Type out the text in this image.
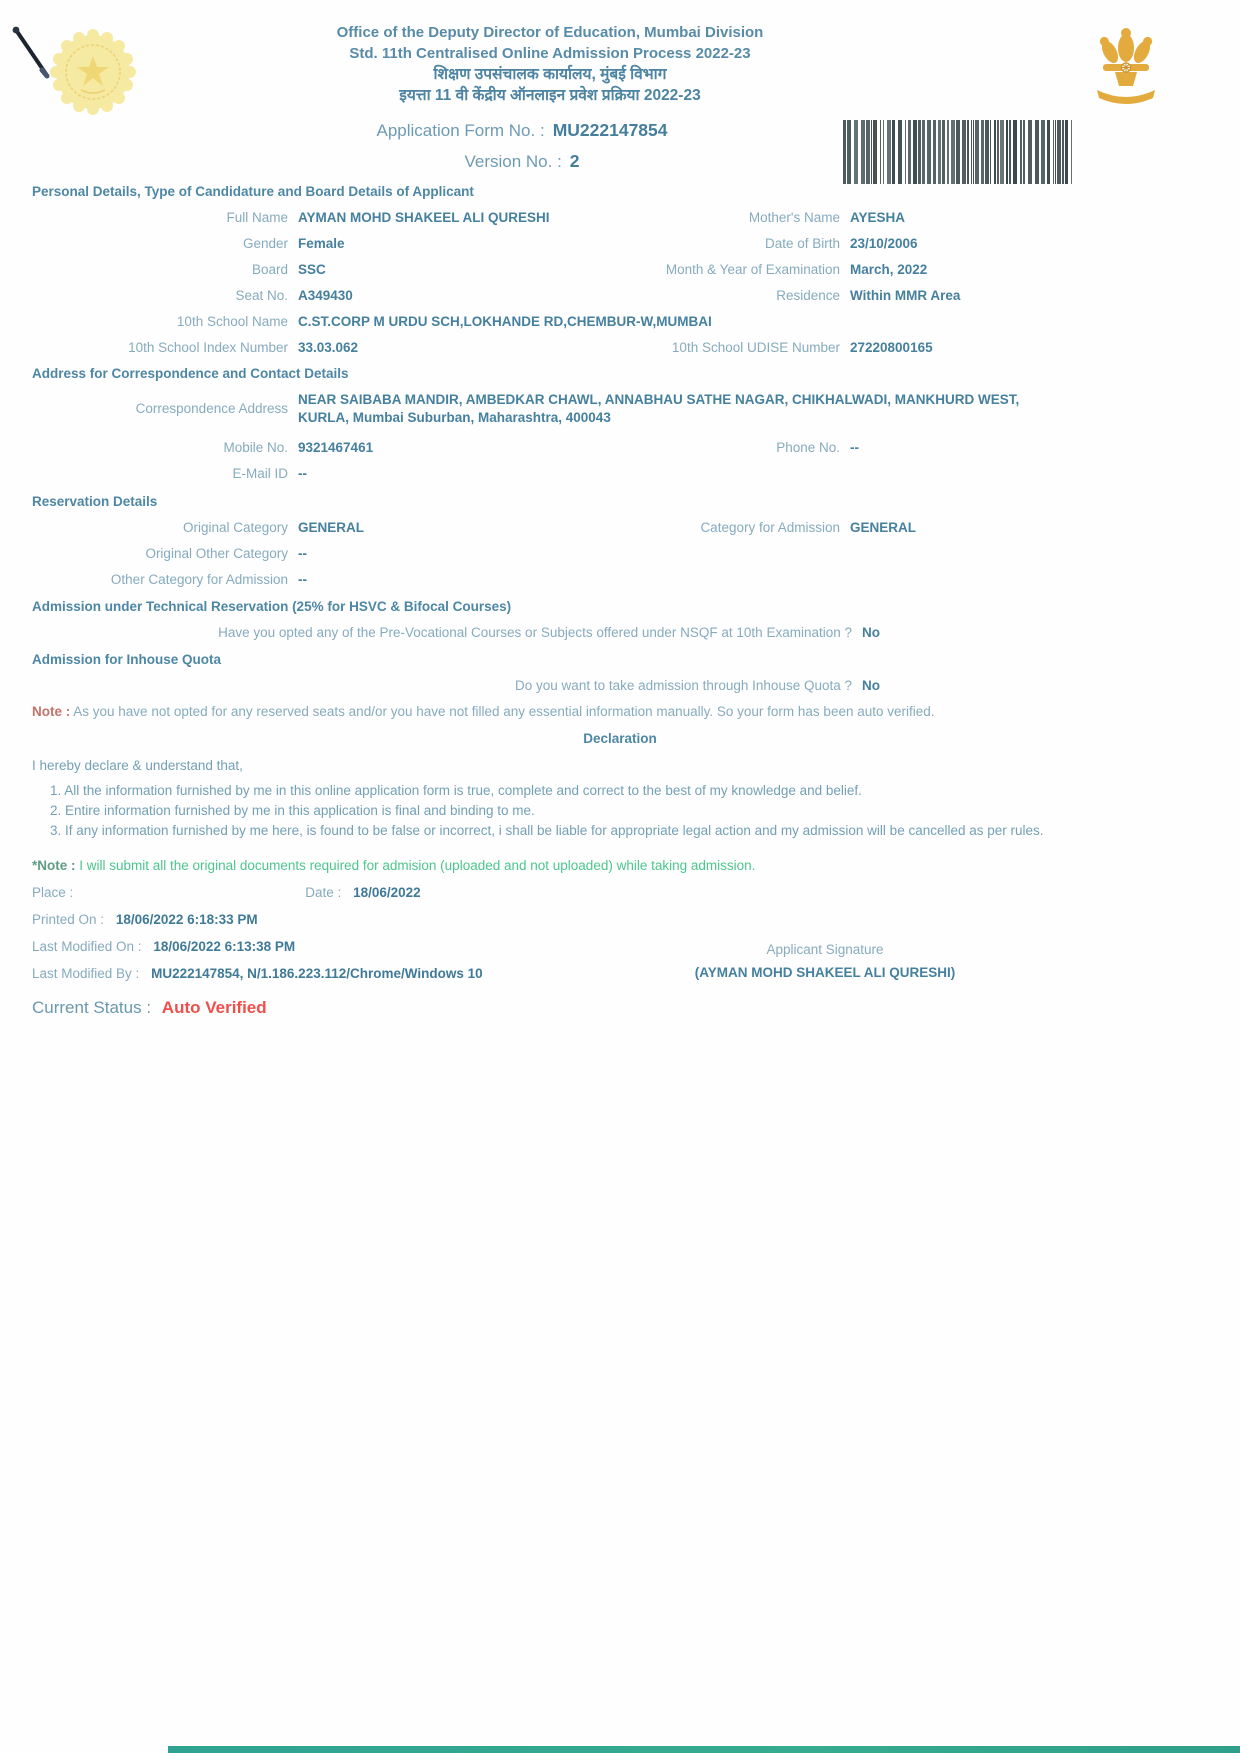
Office of the Deputy Director of Education, Mumbai Division
Std. 11th Centralised Online Admission Process 2022-23
शिक्षण उपसंचालक कार्यालय, मुंबई विभाग
इयत्ता 11 वी केंद्रीय ऑनलाइन प्रवेश प्रक्रिया 2022-23
Application Form No. : MU222147854
Version No. : 2
Personal Details, Type of Candidature and Board Details of Applicant
Full Name AYMAN MOHD SHAKEEL ALI QURESHI	Mother's Name AYESHA
Gender Female	Date of Birth 23/10/2006
Board SSC	Month & Year of Examination March, 2022
Seat No. A349430	Residence Within MMR Area
10th School Name C.ST.CORP M URDU SCH,LOKHANDE RD,CHEMBUR-W,MUMBAI
10th School Index Number 33.03.062	10th School UDISE Number 27220800165
Address for Correspondence and Contact Details
Correspondence Address
NEAR SAIBABA MANDIR, AMBEDKAR CHAWL, ANNABHAU SATHE NAGAR, CHIKHALWADI, MANKHURD WEST, KURLA, Mumbai Suburban, Maharashtra, 400043
Mobile No. 9321467461	Phone No. --
E-Mail ID --
Reservation Details
Original Category GENERAL	Category for Admission GENERAL
Original Other Category --
Other Category for Admission --
Admission under Technical Reservation (25% for HSVC & Bifocal Courses)
Have you opted any of the Pre-Vocational Courses or Subjects offered under NSQF at 10th Examination ? No
Admission for Inhouse Quota
Do you want to take admission through Inhouse Quota ? No
Note : As you have not opted for any reserved seats and/or you have not filled any essential information manually. So your form has been auto verified.
Declaration
I hereby declare & understand that,
1. All the information furnished by me in this online application form is true, complete and correct to the best of my knowledge and belief.
2. Entire information furnished by me in this application is final and binding to me.
3. If any information furnished by me here, is found to be false or incorrect, i shall be liable for appropriate legal action and my admission will be cancelled as per rules.
*Note : I will submit all the original documents required for admision (uploaded and not uploaded) while taking admission.
Place :	Date : 18/06/2022
Printed On : 18/06/2022 6:18:33 PM
Last Modified On : 18/06/2022 6:13:38 PM
Last Modified By : MU222147854, N/1.186.223.112/Chrome/Windows 10
Current Status : Auto Verified
Applicant Signature
(AYMAN MOHD SHAKEEL ALI QURESHI)
